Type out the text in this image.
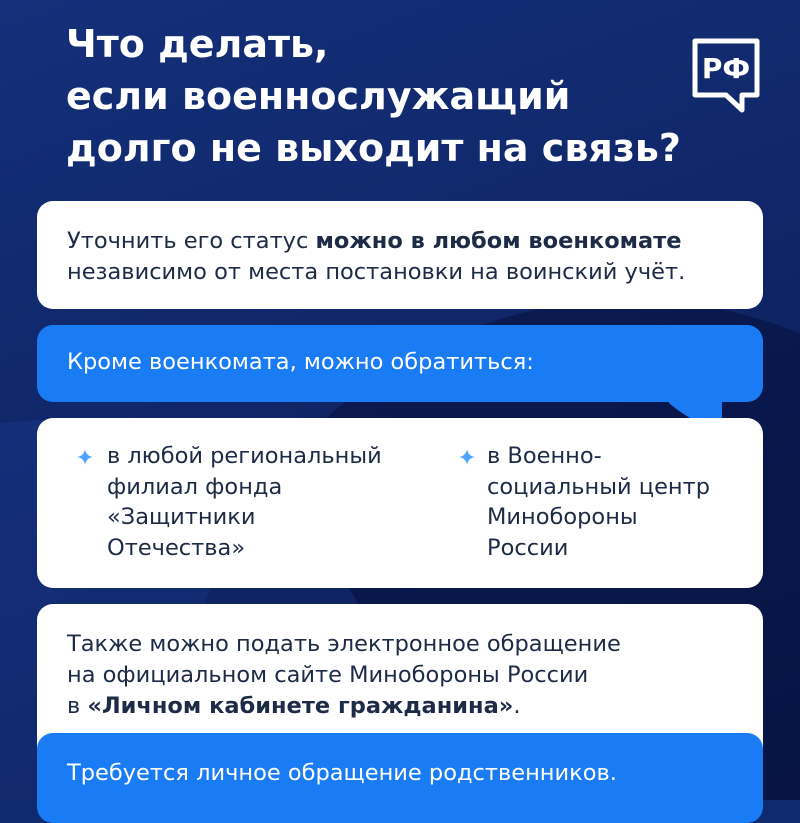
Что делать,
если военнослужащий
долго не выходит на связь?
РФ
Уточнить его статус можно в любом военкомате
независимо от места постановки на воинский учёт.
Кроме военкомата, можно обратиться:
в любой региональный
филиал фонда
«Защитники
Отечества»
в Военно-
социальный центр
Минобороны
России
Также можно подать электронное обращение
на официальном сайте Минобороны России
в «Личном кабинете гражданина».
Требуется личное обращение родственников.
